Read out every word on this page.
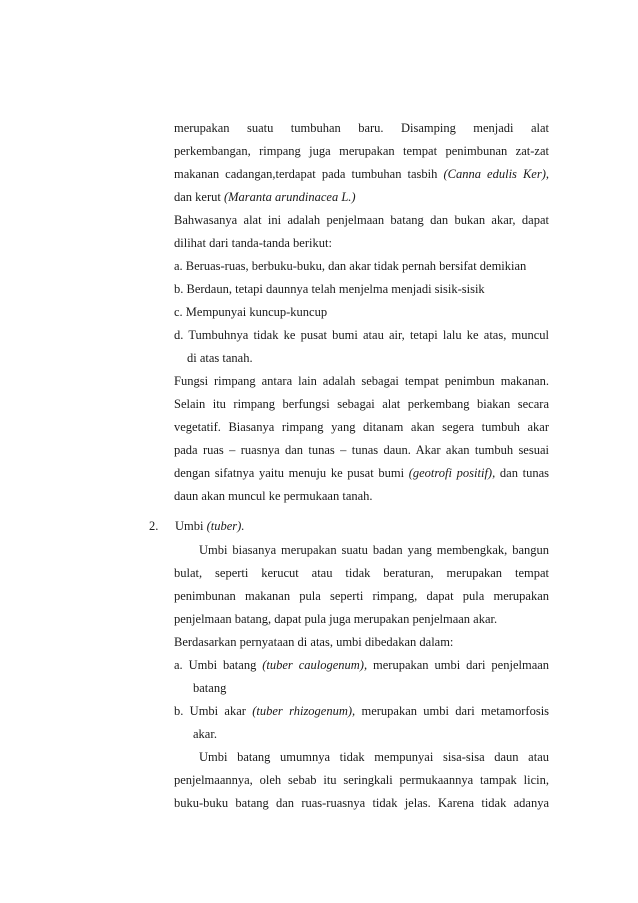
merupakan suatu tumbuhan baru. Disamping menjadi alat
perkembangan, rimpang juga merupakan tempat penimbunan zat-zat
makanan cadangan,terdapat pada tumbuhan tasbih (Canna edulis Ker),
dan kerut (Maranta arundinacea L.)
Bahwasanya alat ini adalah penjelmaan batang dan bukan akar, dapat
dilihat dari tanda-tanda berikut:
a. Beruas-ruas, berbuku-buku, dan akar tidak pernah bersifat demikian
b. Berdaun, tetapi daunnya telah menjelma menjadi sisik-sisik
c. Mempunyai kuncup-kuncup
d. Tumbuhnya tidak ke pusat bumi atau air, tetapi lalu ke atas, muncul
di atas tanah.
Fungsi rimpang antara lain adalah sebagai tempat penimbun makanan.
Selain itu rimpang berfungsi sebagai alat perkembang biakan secara
vegetatif. Biasanya rimpang yang ditanam akan segera tumbuh akar
pada ruas – ruasnya dan tunas – tunas daun. Akar akan tumbuh sesuai
dengan sifatnya yaitu menuju ke pusat bumi (geotrofi positif), dan tunas
daun akan muncul ke permukaan tanah.
2. Umbi (tuber).
Umbi biasanya merupakan suatu badan yang membengkak, bangun
bulat, seperti kerucut atau tidak beraturan, merupakan tempat
penimbunan makanan pula seperti rimpang, dapat pula merupakan
penjelmaan batang, dapat pula juga merupakan penjelmaan akar.
Berdasarkan pernyataan di atas, umbi dibedakan dalam:
a. Umbi batang (tuber caulogenum), merupakan umbi dari penjelmaan
batang
b. Umbi akar (tuber rhizogenum), merupakan umbi dari metamorfosis
akar.
Umbi batang umumnya tidak mempunyai sisa-sisa daun atau
penjelmaannya, oleh sebab itu seringkali permukaannya tampak licin,
buku-buku batang dan ruas-ruasnya tidak jelas. Karena tidak adanya
